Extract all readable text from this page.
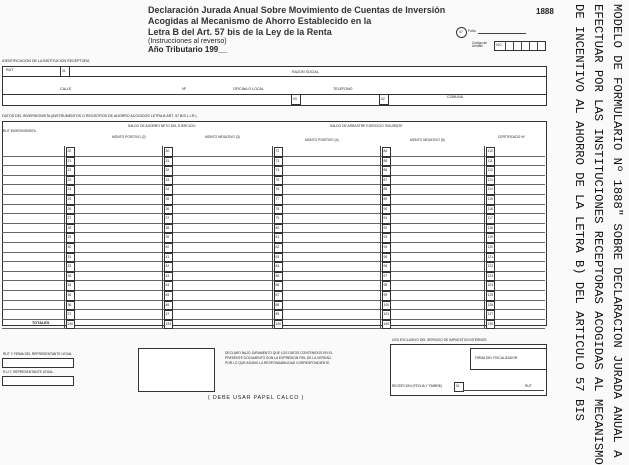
Declaración Jurada Anual Sobre Movimiento de Cuentas de Inversión
Acogidas al Mecanismo de Ahorro Establecido en la
Letra B del Art. 57 bis de la Ley de la Renta
(Instrucciones al reverso)
Año Tributario 199__
1888
07 Folio
Código de Unidad	010
IDENTIFICACION DE LA INSTITUCION RECEPTORA
RUT	01	RAZON SOCIAL
CALLE	Nº	OFICINA O LOCAL	TELEFONO
COMUNA
03	02
DATOS DEL INVERSIONISTA (INSTRUMENTOS O REGISTROS DE AHORRO ACOGIDOS LETRA B ART. 57 BIS L.I.R.)
RUT INVERSIONISTA
SALDO DE AHORRO NETO DEL EJERCICIO	SALDO DE ARRASTRE EJERCICIO SIGUIENTE
MONTO POSITIVO (2)	MONTO NEGATIVO (3)
MONTO POSITIVO (4)	MONTO NEGATIVO (5)
CERTIFICADO Nº
20	30	72	84	110
21	31	73	85	111
22	32	74	86	112
23	33	75	87	113
24	34	76	88	114
25	35	77	89	115
26	36	78	90	116
27	37	79	91	117
28	38	80	92	118
29	39	81	93	119
30	40	82	94	120
31	41	83	95	121
32	42	84	96	122
33	43	85	97	123
34	44	86	98	124
35	45	87	99	125
36	46	88	100	126
37	47	89	101	127
140	134	130	140	130
TOTALES
RUT Y FIRMA DEL REPRESENTANTE LEGAL
R.U.T. REPRESENTANTE LEGAL
DECLARO BAJO JURAMENTO QUE LOS DATOS CONTENIDOS EN EL
PRESENTE DOCUMENTO SON LA EXPRESION FIEL DE LA VERDAD,
POR LO QUE ASUMO LA RESPONSABILIDAD CORRESPONDIENTE.
( DEBE USAR PAPEL CALCO )
USO EXCLUSIVO DEL SERVICIO DE IMPUESTOS INTERNOS
FIRMA DEL FISCALIZADOR
RECEPCION (FECHA Y TIMBRE)	RUT
01	MODELO DE FORMULARIO Nº 1888" SOBRE DECLARACION JURADA ANUAL A
EFECTUAR POR LAS INSTITUCIONES RECEPTORAS ACOGIDAS AL MECANISMO
DE INCENTIVO AL AHORRO DE LA LETRA B) DEL ARTICULO 57 BIS
